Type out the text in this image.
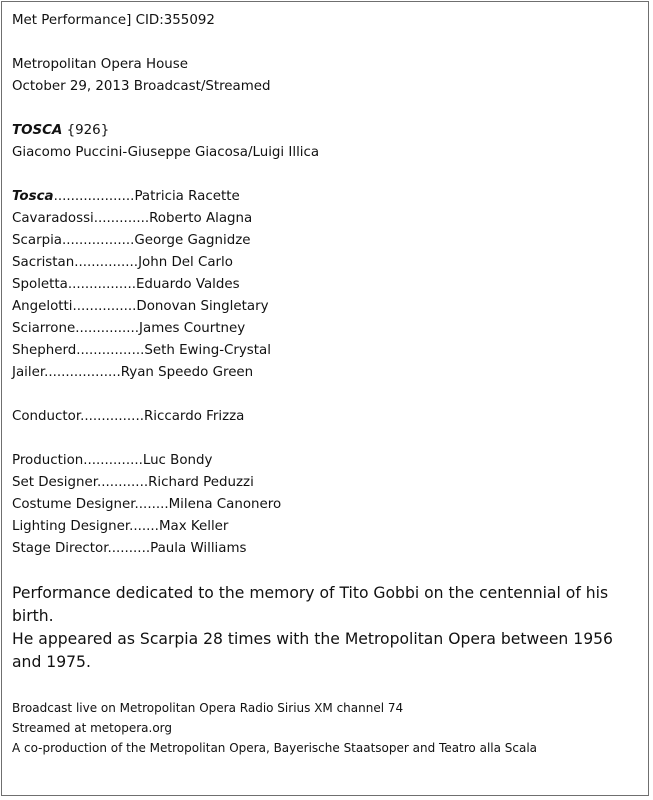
Met Performance] CID:355092
Metropolitan Opera House
October 29, 2013 Broadcast/Streamed
TOSCA {926}
Giacomo Puccini-Giuseppe Giacosa/Luigi Illica
Tosca...................Patricia Racette
Cavaradossi.............Roberto Alagna
Scarpia.................George Gagnidze
Sacristan...............John Del Carlo
Spoletta................Eduardo Valdes
Angelotti...............Donovan Singletary
Sciarrone...............James Courtney
Shepherd................Seth Ewing-Crystal
Jailer..................Ryan Speedo Green
Conductor...............Riccardo Frizza
Production..............Luc Bondy
Set Designer............Richard Peduzzi
Costume Designer........Milena Canonero
Lighting Designer.......Max Keller
Stage Director..........Paula Williams
Performance dedicated to the memory of Tito Gobbi on the centennial of his birth.
He appeared as Scarpia 28 times with the Metropolitan Opera between 1956 and 1975.
Broadcast live on Metropolitan Opera Radio Sirius XM channel 74
Streamed at metopera.org
A co-production of the Metropolitan Opera, Bayerische Staatsoper and Teatro alla Scala
